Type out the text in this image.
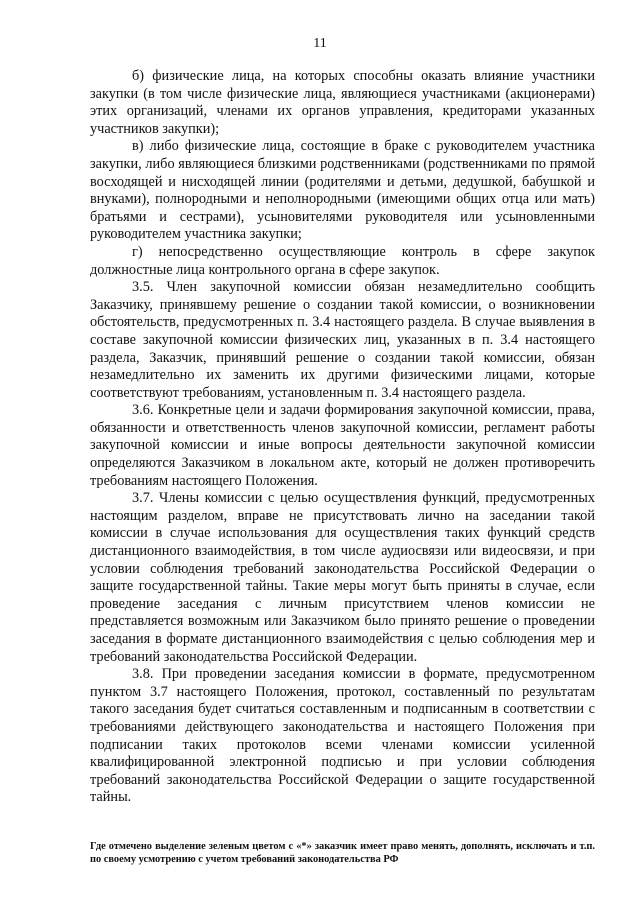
11

б) физические лица, на которых способны оказать влияние участники закупки (в том числе физические лица, являющиеся участниками (акционерами) этих организаций, членами их органов управления, кредиторами указанных участников закупки);

в) либо физические лица, состоящие в браке с руководителем участника закупки, либо являющиеся близкими родственниками (родственниками по прямой восходящей и нисходящей линии (родителями и детьми, дедушкой, бабушкой и внуками), полнородными и неполнородными (имеющими общих отца или мать) братьями и сестрами), усыновителями руководителя или усыновленными руководителем участника закупки;

г) непосредственно осуществляющие контроль в сфере закупок должностные лица контрольного органа в сфере закупок.

3.5. Член закупочной комиссии обязан незамедлительно сообщить Заказчику, принявшему решение о создании такой комиссии, о возникновении обстоятельств, предусмотренных п. 3.4 настоящего раздела. В случае выявления в составе закупочной комиссии физических лиц, указанных в п. 3.4 настоящего раздела, Заказчик, принявший решение о создании такой комиссии, обязан незамедлительно их заменить их другими физическими лицами, которые соответствуют требованиям, установленным п. 3.4 настоящего раздела.

3.6. Конкретные цели и задачи формирования закупочной комиссии, права, обязанности и ответственность членов закупочной комиссии, регламент работы закупочной комиссии и иные вопросы деятельности закупочной комиссии определяются Заказчиком в локальном акте, который не должен противоречить требованиям настоящего Положения.

3.7. Члены комиссии с целью осуществления функций, предусмотренных настоящим разделом, вправе не присутствовать лично на заседании такой комиссии в случае использования для осуществления таких функций средств дистанционного взаимодействия, в том числе аудиосвязи или видеосвязи, и при условии соблюдения требований законодательства Российской Федерации о защите государственной тайны. Такие меры могут быть приняты в случае, если проведение заседания с личным присутствием членов комиссии не представляется возможным или Заказчиком было принято решение о проведении заседания в формате дистанционного взаимодействия с целью соблюдения мер и требований законодательства Российской Федерации.

3.8. При проведении заседания комиссии в формате, предусмотренном пунктом 3.7 настоящего Положения, протокол, составленный по результатам такого заседания будет считаться составленным и подписанным в соответствии с требованиями действующего законодательства и настоящего Положения при подписании таких протоколов всеми членами комиссии усиленной квалифицированной электронной подписью и при условии соблюдения требований законодательства Российской Федерации о защите государственной тайны.

Где отмечено выделение зеленым цветом с «*» заказчик имеет право менять, дополнять, исключать и т.п. по своему усмотрению с учетом требований законодательства РФ
